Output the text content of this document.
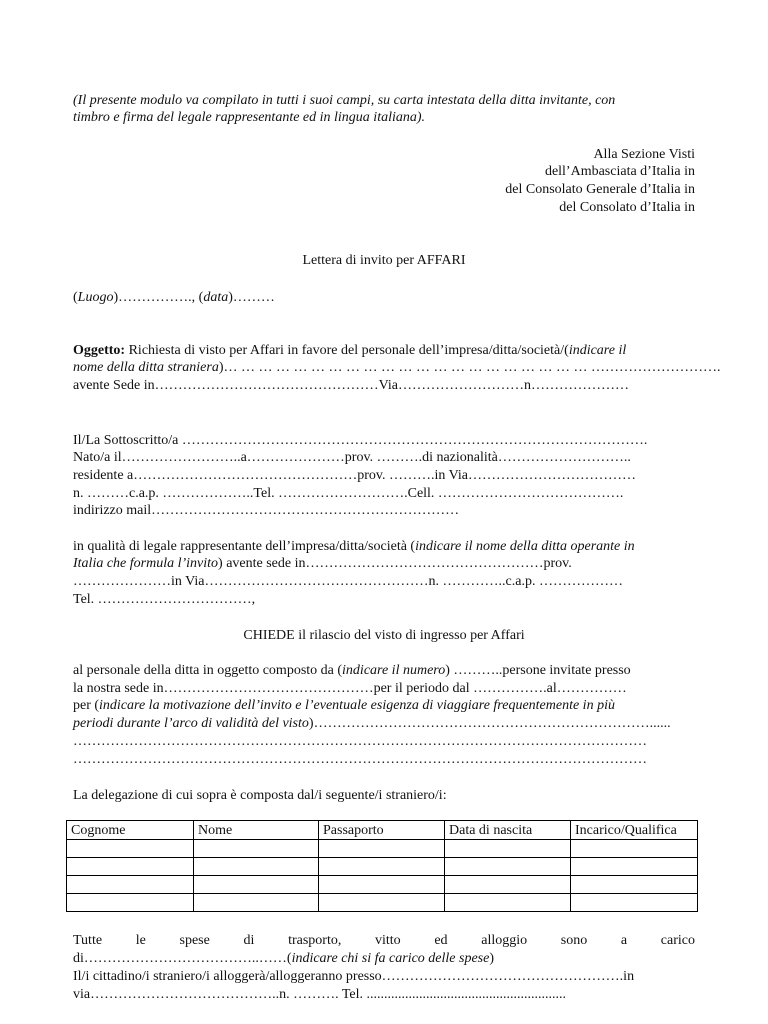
(Il presente modulo va compilato in tutti i suoi campi, su carta intestata della ditta invitante, con
timbro e firma del legale rappresentante ed in lingua italiana).
Alla Sezione Visti
dell’Ambasciata d’Italia in
del Consolato Generale d’Italia in
del Consolato d’Italia in
Lettera di invito per AFFARI
(Luogo)……………., (data)………
Oggetto: Richiesta di visto per Affari in favore del personale dell’impresa/ditta/società/(indicare il
nome della ditta straniera)… … … … … … … … … … … … … … … … … … … … … ……………………….
avente Sede in…………………………………………Via………………………n…………………
Il/La Sottoscritto/a ……………………………………………………………………………………….
Nato/a il……………………..a…………………prov. ……….di nazionalità………………………..
residente a…………………………………………prov. ……….in Via………………………………
n. ………c.a.p. ………………..Tel. ……………………….Cell. ………………………………….
indirizzo mail…………………………………………………………
in qualità di legale rappresentante dell’impresa/ditta/società (indicare il nome della ditta operante in
Italia che formula l’invito) avente sede in……………………………………………prov.
…………………in Via…………………………………………n. …………..c.a.p. ………………
Tel. ……………………………,
CHIEDE il rilascio del visto di ingresso per Affari
al personale della ditta in oggetto composto da (indicare il numero) ………..persone invitate presso
la nostra sede in………………………………………per il periodo dal …………….al……………
per (indicare la motivazione dell’invito e l’eventuale esigenza di viaggiare frequentemente in più
periodi durante l’arco di validità del visto)………………………………………………………………......
……………………………………………………………………………………………………………
……………………………………………………………………………………………………………
La delegazione di cui sopra è composta dal/i seguente/i straniero/i:
Cognome	Nome	Passaporto	Data di nascita	Incarico/Qualifica

Tutte le spese di trasporto, vitto ed alloggio sono a carico
di………………………………..……(indicare chi si fa carico delle spese)
Il/i cittadino/i straniero/i alloggerà/alloggeranno presso…………………………………………….in
via…………………………………..n. ………. Tel. .........................................................
